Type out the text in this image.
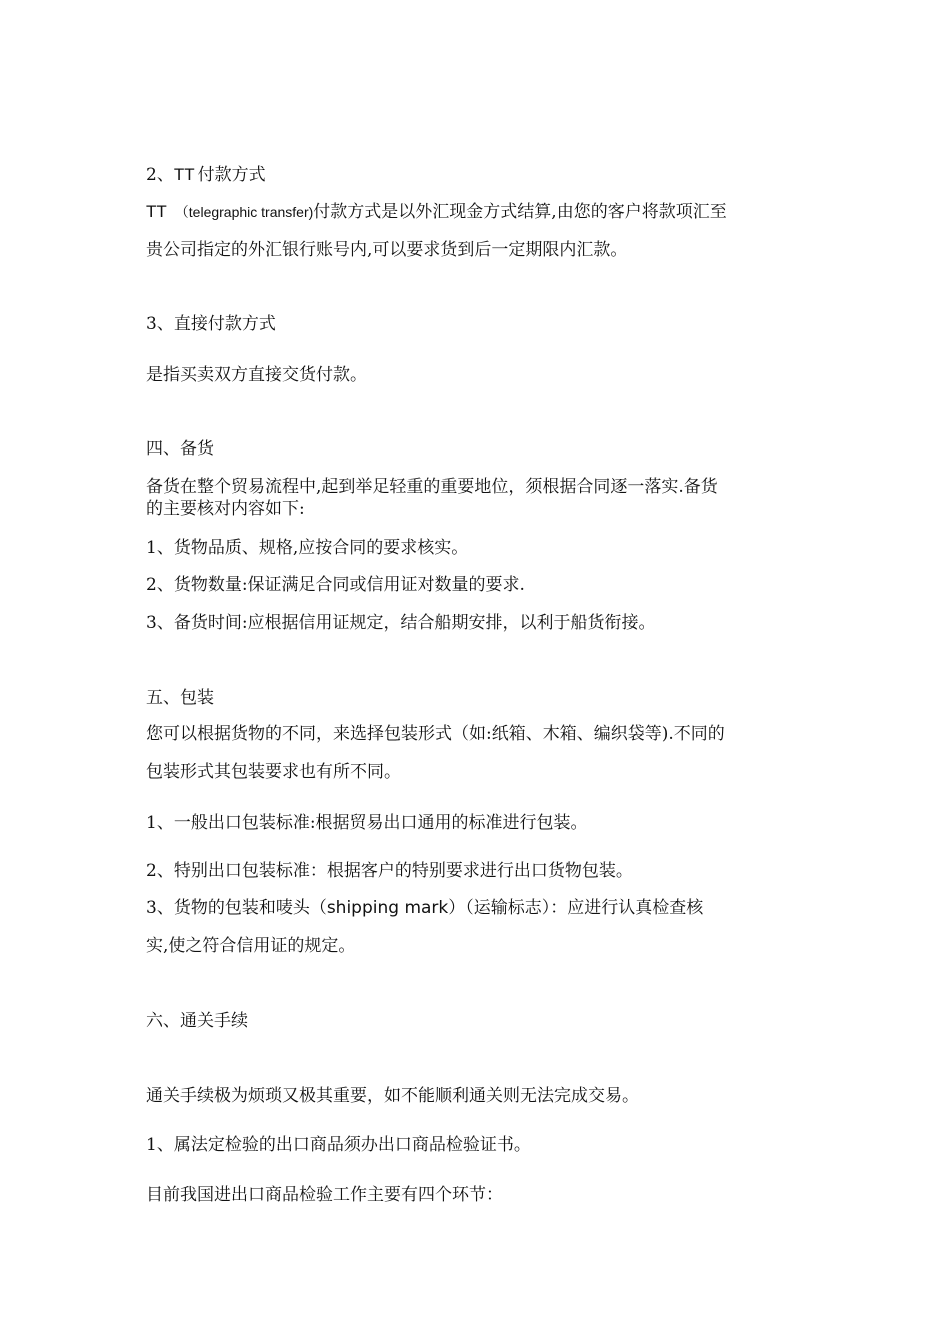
2、TT 付款方式
TT （telegraphic transfer)付款方式是以外汇现金方式结算,由您的客户将款项汇至
贵公司指定的外汇银行账号内,可以要求货到后一定期限内汇款。
3、直接付款方式
是指买卖双方直接交货付款。
四、备货
备货在整个贸易流程中,起到举足轻重的重要地位，须根据合同逐一落实.备货
的主要核对内容如下:
1、货物品质、规格,应按合同的要求核实。
2、货物数量:保证满足合同或信用证对数量的要求.
3、备货时间:应根据信用证规定，结合船期安排，以利于船货衔接。
五、包装
您可以根据货物的不同，来选择包装形式（如:纸箱、木箱、编织袋等).不同的
包装形式其包装要求也有所不同。
1、一般出口包装标准:根据贸易出口通用的标准进行包装。
2、特别出口包装标准：根据客户的特别要求进行出口货物包装。
3、货物的包装和唛头（shipping mark）（运输标志）：应进行认真检查核
实,使之符合信用证的规定。
六、通关手续
通关手续极为烦琐又极其重要，如不能顺利通关则无法完成交易。
1、属法定检验的出口商品须办出口商品检验证书。
目前我国进出口商品检验工作主要有四个环节：
